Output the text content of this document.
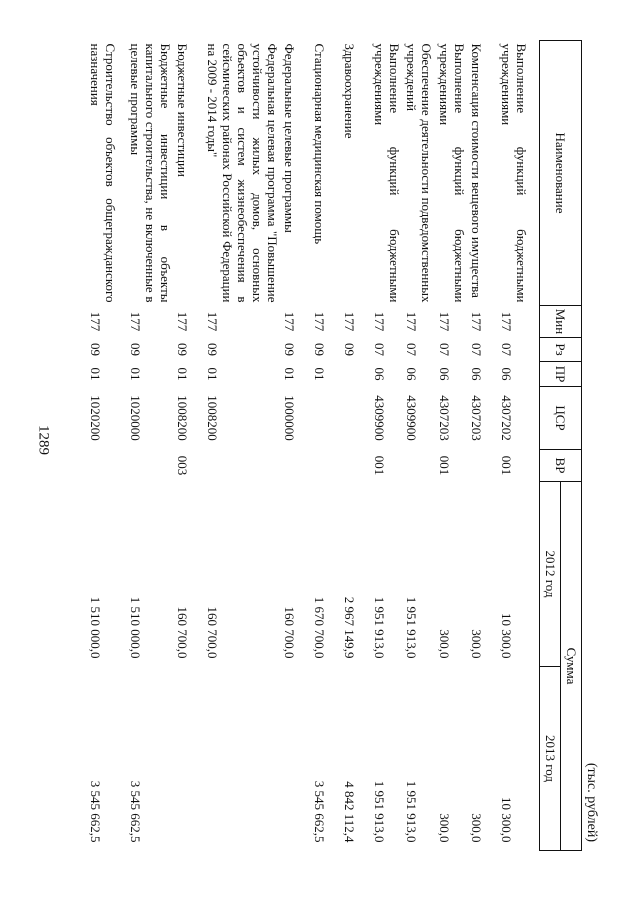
1289
(тыс. рублей)
Наименование	Мин	Рз	ПР	ЦСР	ВР	Сумма	
						2012 год	2013 год
Выполнение функций бюджетными учреждениями	177	07	06	4307202	001	10 300,0	10 300,0
Компенсация стоимости вещевого имущества	177	07	06	4307203		300,0	300,0
Выполнение функций бюджетными учреждениями	177	07	06	4307203	001	300,0	300,0
Обеспечение деятельности подведомственных учреждений	177	07	06	4309900		1 951 913,0	1 951 913,0
Выполнение функций бюджетными учреждениями	177	07	06	4309900	001	1 951 913,0	1 951 913,0
Здравоохранение	177	09				2 967 149,9	4 842 112,4
Стационарная медицинская помощь	177	09	01			1 670 700,0	3 545 662,5
Федеральные целевые программы	177	09	01	1000000		160 700,0	
Федеральная целевая программа "Повышение устойчивости жилых домов, основных объектов и систем жизнеобеспечения в сейсмических районах Российской Федерации на 2009 - 2014 годы"	177	09	01	1008200		160 700,0	
Бюджетные инвестиции	177	09	01	1008200	003	160 700,0	
Бюджетные инвестиции в объекты капитального строительства, не включенные в целевые программы	177	09	01	1020000		1 510 000,0	3 545 662,5
Строительство объектов общегражданского назначения	177	09	01	1020200		1 510 000,0	3 545 662,5
